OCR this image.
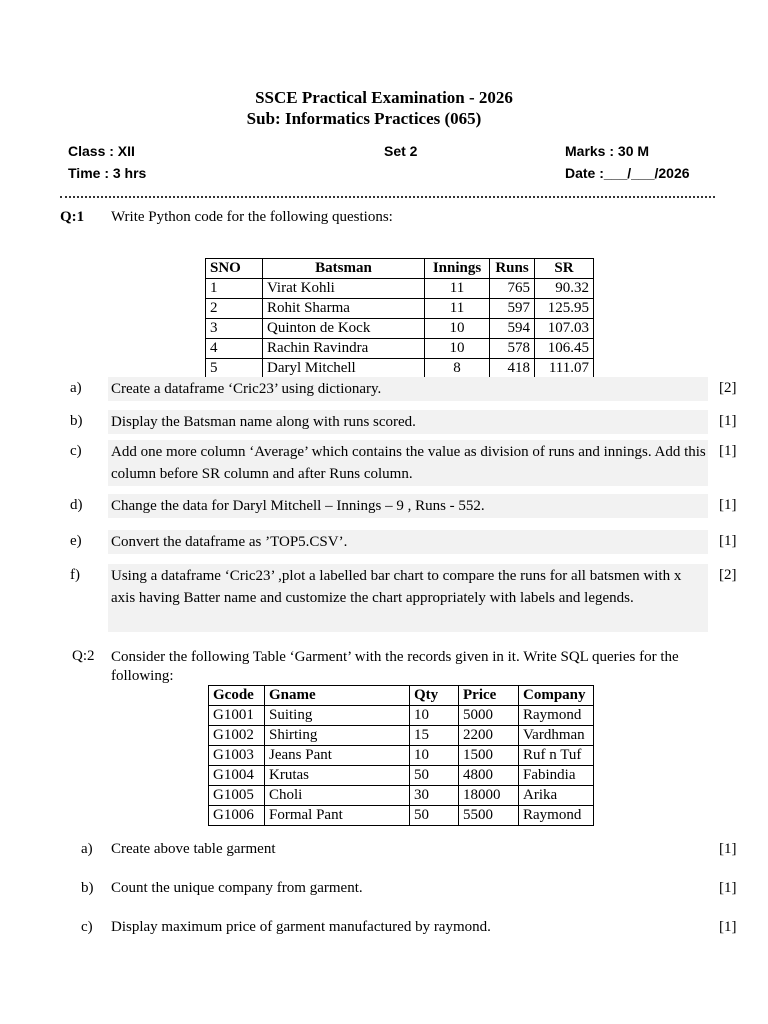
SSCE Practical Examination - 2026
Sub: Informatics Practices (065)
Class : XII	Set 2	Marks : 30 M
Time : 3 hrs	Date :___/___/2026
Q:1 Write Python code for the following questions:
SNO	Batsman	Innings	Runs	SR
1	Virat Kohli	11	765	90.32
2	Rohit Sharma	11	597	125.95
3	Quinton de Kock	10	594	107.03
4	Rachin Ravindra	10	578	106.45
5	Daryl Mitchell	8	418	111.07
a) Create a dataframe ‘Cric23’ using dictionary.	[2]
b) Display the Batsman name along with runs scored.	[1]
c) Add one more column ‘Average’ which contains the value as division of runs and innings. Add this column before SR column and after Runs column.
[1]
d) Change the data for Daryl Mitchell – Innings – 9 , Runs - 552.	[1]
e) Convert the dataframe as ’TOP5.CSV’.	[1]
f) Using a dataframe ‘Cric23’ ,plot a labelled bar chart to compare the runs for all batsmen with x axis having Batter name and customize the chart appropriately with labels and legends.
[2]
Q:2 Consider the following Table ‘Garment’ with the records given in it. Write SQL queries for the following:
Gcode	Gname	Qty	Price	Company
G1001	Suiting	10	5000	Raymond
G1002	Shirting	15	2200	Vardhman
G1003	Jeans Pant	10	1500	Ruf n Tuf
G1004	Krutas	50	4800	Fabindia
G1005	Choli	30	18000	Arika
G1006	Formal Pant	50	5500	Raymond
a) Create above table garment	[1]
b) Count the unique company from garment.	[1]
c) Display maximum price of garment manufactured by raymond.	[1]
